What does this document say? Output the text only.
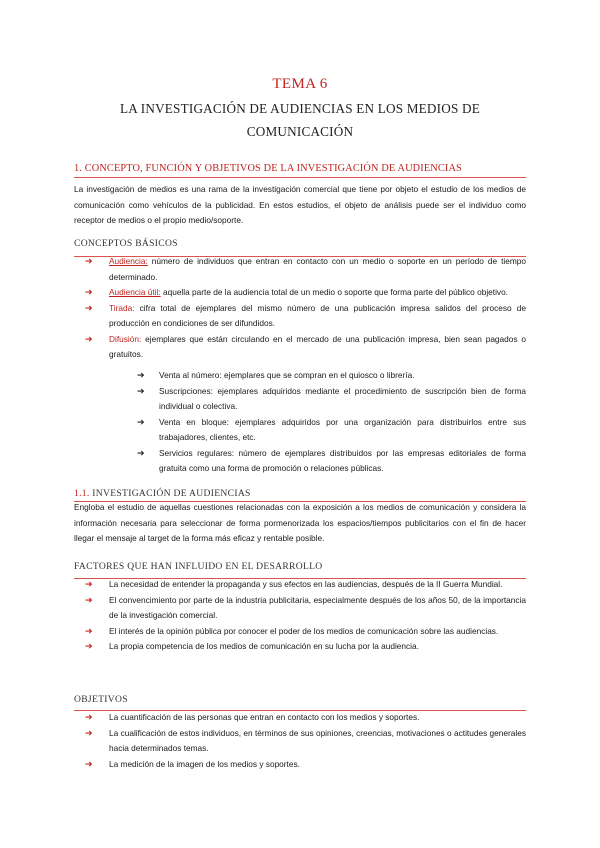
TEMA 6
LA INVESTIGACIÓN DE AUDIENCIAS EN LOS MEDIOS DE
COMUNICACIÓN
1. CONCEPTO, FUNCIÓN Y OBJETIVOS DE LA INVESTIGACIÓN DE AUDIENCIAS
La investigación de medios es una rama de la investigación comercial que tiene por objeto el estudio de los medios de comunicación como vehículos de la publicidad. En estos estudios, el objeto de análisis puede ser el individuo como receptor de medios o el propio medio/soporte.
CONCEPTOS BÁSICOS
➔ Audiencia: número de individuos que entran en contacto con un medio o soporte en un período de tiempo determinado.
➔ Audiencia útil: aquella parte de la audiencia total de un medio o soporte que forma parte del público objetivo.
➔ Tirada: cifra total de ejemplares del mismo número de una publicación impresa salidos del proceso de producción en condiciones de ser difundidos.
➔ Difusión: ejemplares que están circulando en el mercado de una publicación impresa, bien sean pagados o gratuitos.
➔ Venta al número: ejemplares que se compran en el quiosco o librería.
➔ Suscripciones: ejemplares adquiridos mediante el procedimiento de suscripción bien de forma individual o colectiva.
➔ Venta en bloque: ejemplares adquiridos por una organización para distribuirlos entre sus trabajadores, clientes, etc.
➔ Servicios regulares: número de ejemplares distribuidos por las empresas editoriales de forma gratuita como una forma de promoción o relaciones públicas.
1.1. INVESTIGACIÓN DE AUDIENCIAS
Engloba el estudio de aquellas cuestiones relacionadas con la exposición a los medios de comunicación y considera la información necesaria para seleccionar de forma pormenorizada los espacios/tiempos publicitarios con el fin de hacer llegar el mensaje al target de la forma más eficaz y rentable posible.
FACTORES QUE HAN INFLUIDO EN EL DESARROLLO
➔ La necesidad de entender la propaganda y sus efectos en las audiencias, después de la II Guerra Mundial.
➔ El convencimiento por parte de la industria publicitaria, especialmente después de los años 50, de la importancia de la investigación comercial.
➔ El interés de la opinión pública por conocer el poder de los medios de comunicación sobre las audiencias.
➔ La propia competencia de los medios de comunicación en su lucha por la audiencia.
OBJETIVOS
➔ La cuantificación de las personas que entran en contacto con los medios y soportes.
➔ La cualificación de estos individuos, en términos de sus opiniones, creencias, motivaciones o actitudes generales hacia determinados temas.
➔ La medición de la imagen de los medios y soportes.
